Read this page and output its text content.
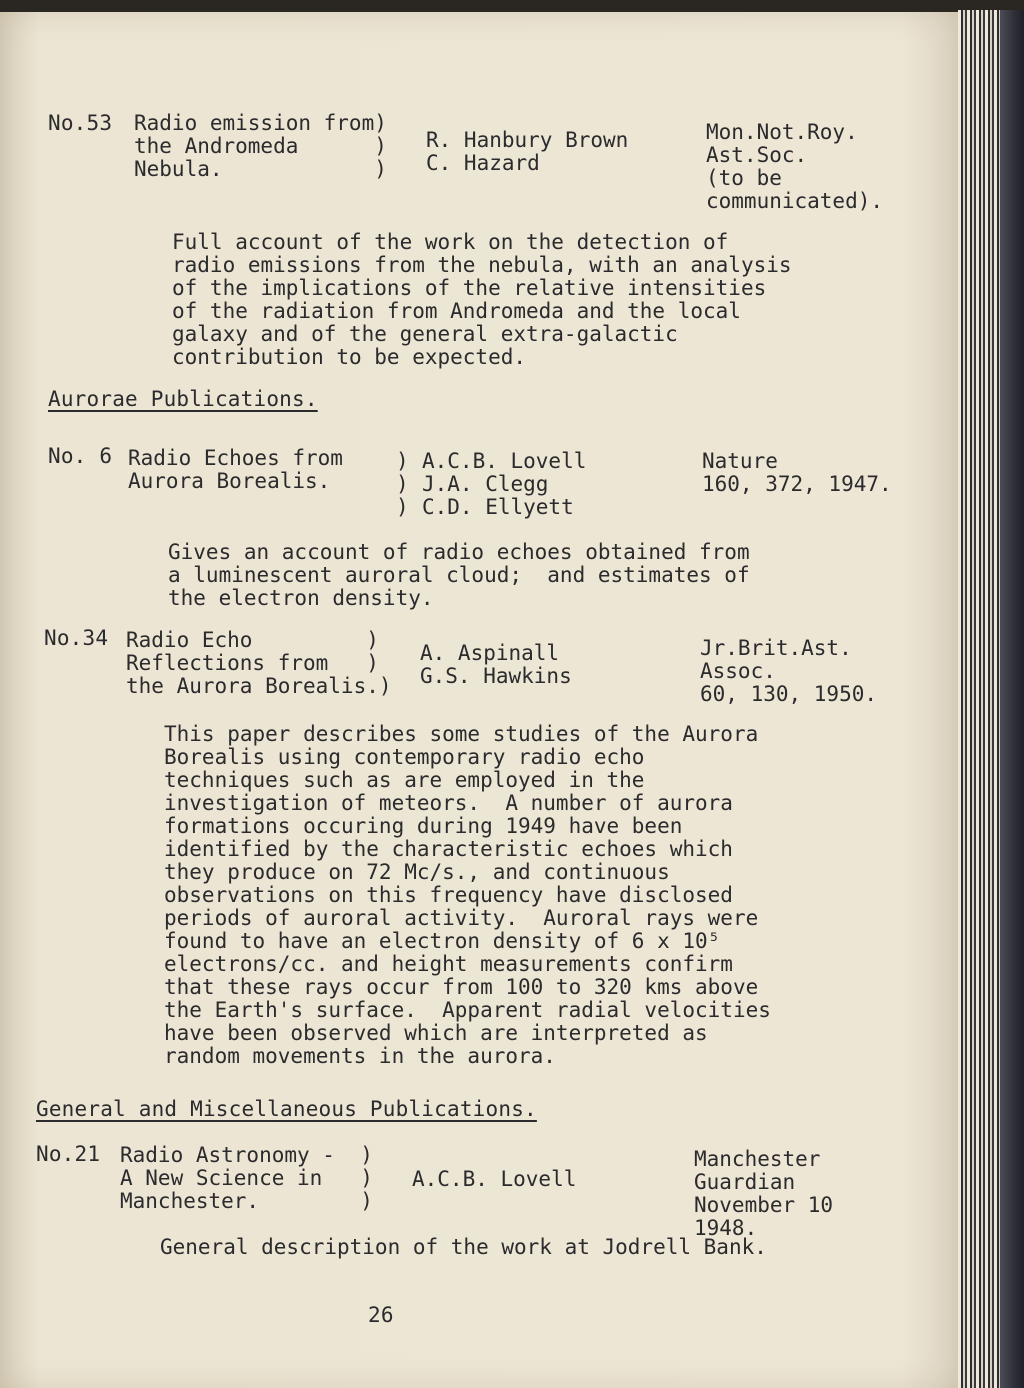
No.53 Radio emission from)
the Andromeda      )
Nebula.            )
R. Hanbury Brown
C. Hazard
Mon.Not.Roy.
Ast.Soc.
(to be
communicated).
Full account of the work on the detection of
radio emissions from the nebula, with an analysis
of the implications of the relative intensities
of the radiation from Andromeda and the local
galaxy and of the general extra-galactic
contribution to be expected.
Aurorae Publications.
No. 6 Radio Echoes from
Aurora Borealis.
)
)
)
A.C.B. Lovell
J.A. Clegg
C.D. Ellyett
Nature
160, 372, 1947.
Gives an account of radio echoes obtained from
a luminescent auroral cloud;  and estimates of
the electron density.
No.34 Radio Echo         )
Reflections from   )
the Aurora Borealis.)
A. Aspinall
G.S. Hawkins
Jr.Brit.Ast.
Assoc.
60, 130, 1950.
This paper describes some studies of the Aurora
Borealis using contemporary radio echo
techniques such as are employed in the
investigation of meteors.  A number of aurora
formations occuring during 1949 have been
identified by the characteristic echoes which
they produce on 72 Mc/s., and continuous
observations on this frequency have disclosed
periods of auroral activity.  Auroral rays were
found to have an electron density of 6 x 10⁵
electrons/cc. and height measurements confirm
that these rays occur from 100 to 320 kms above
the Earth's surface.  Apparent radial velocities
have been observed which are interpreted as
random movements in the aurora.
General and Miscellaneous Publications.
No.21 Radio Astronomy -  )
A New Science in   )
Manchester.        )
A.C.B. Lovell
Manchester
Guardian
November 10
1948.
General description of the work at Jodrell Bank.
26
